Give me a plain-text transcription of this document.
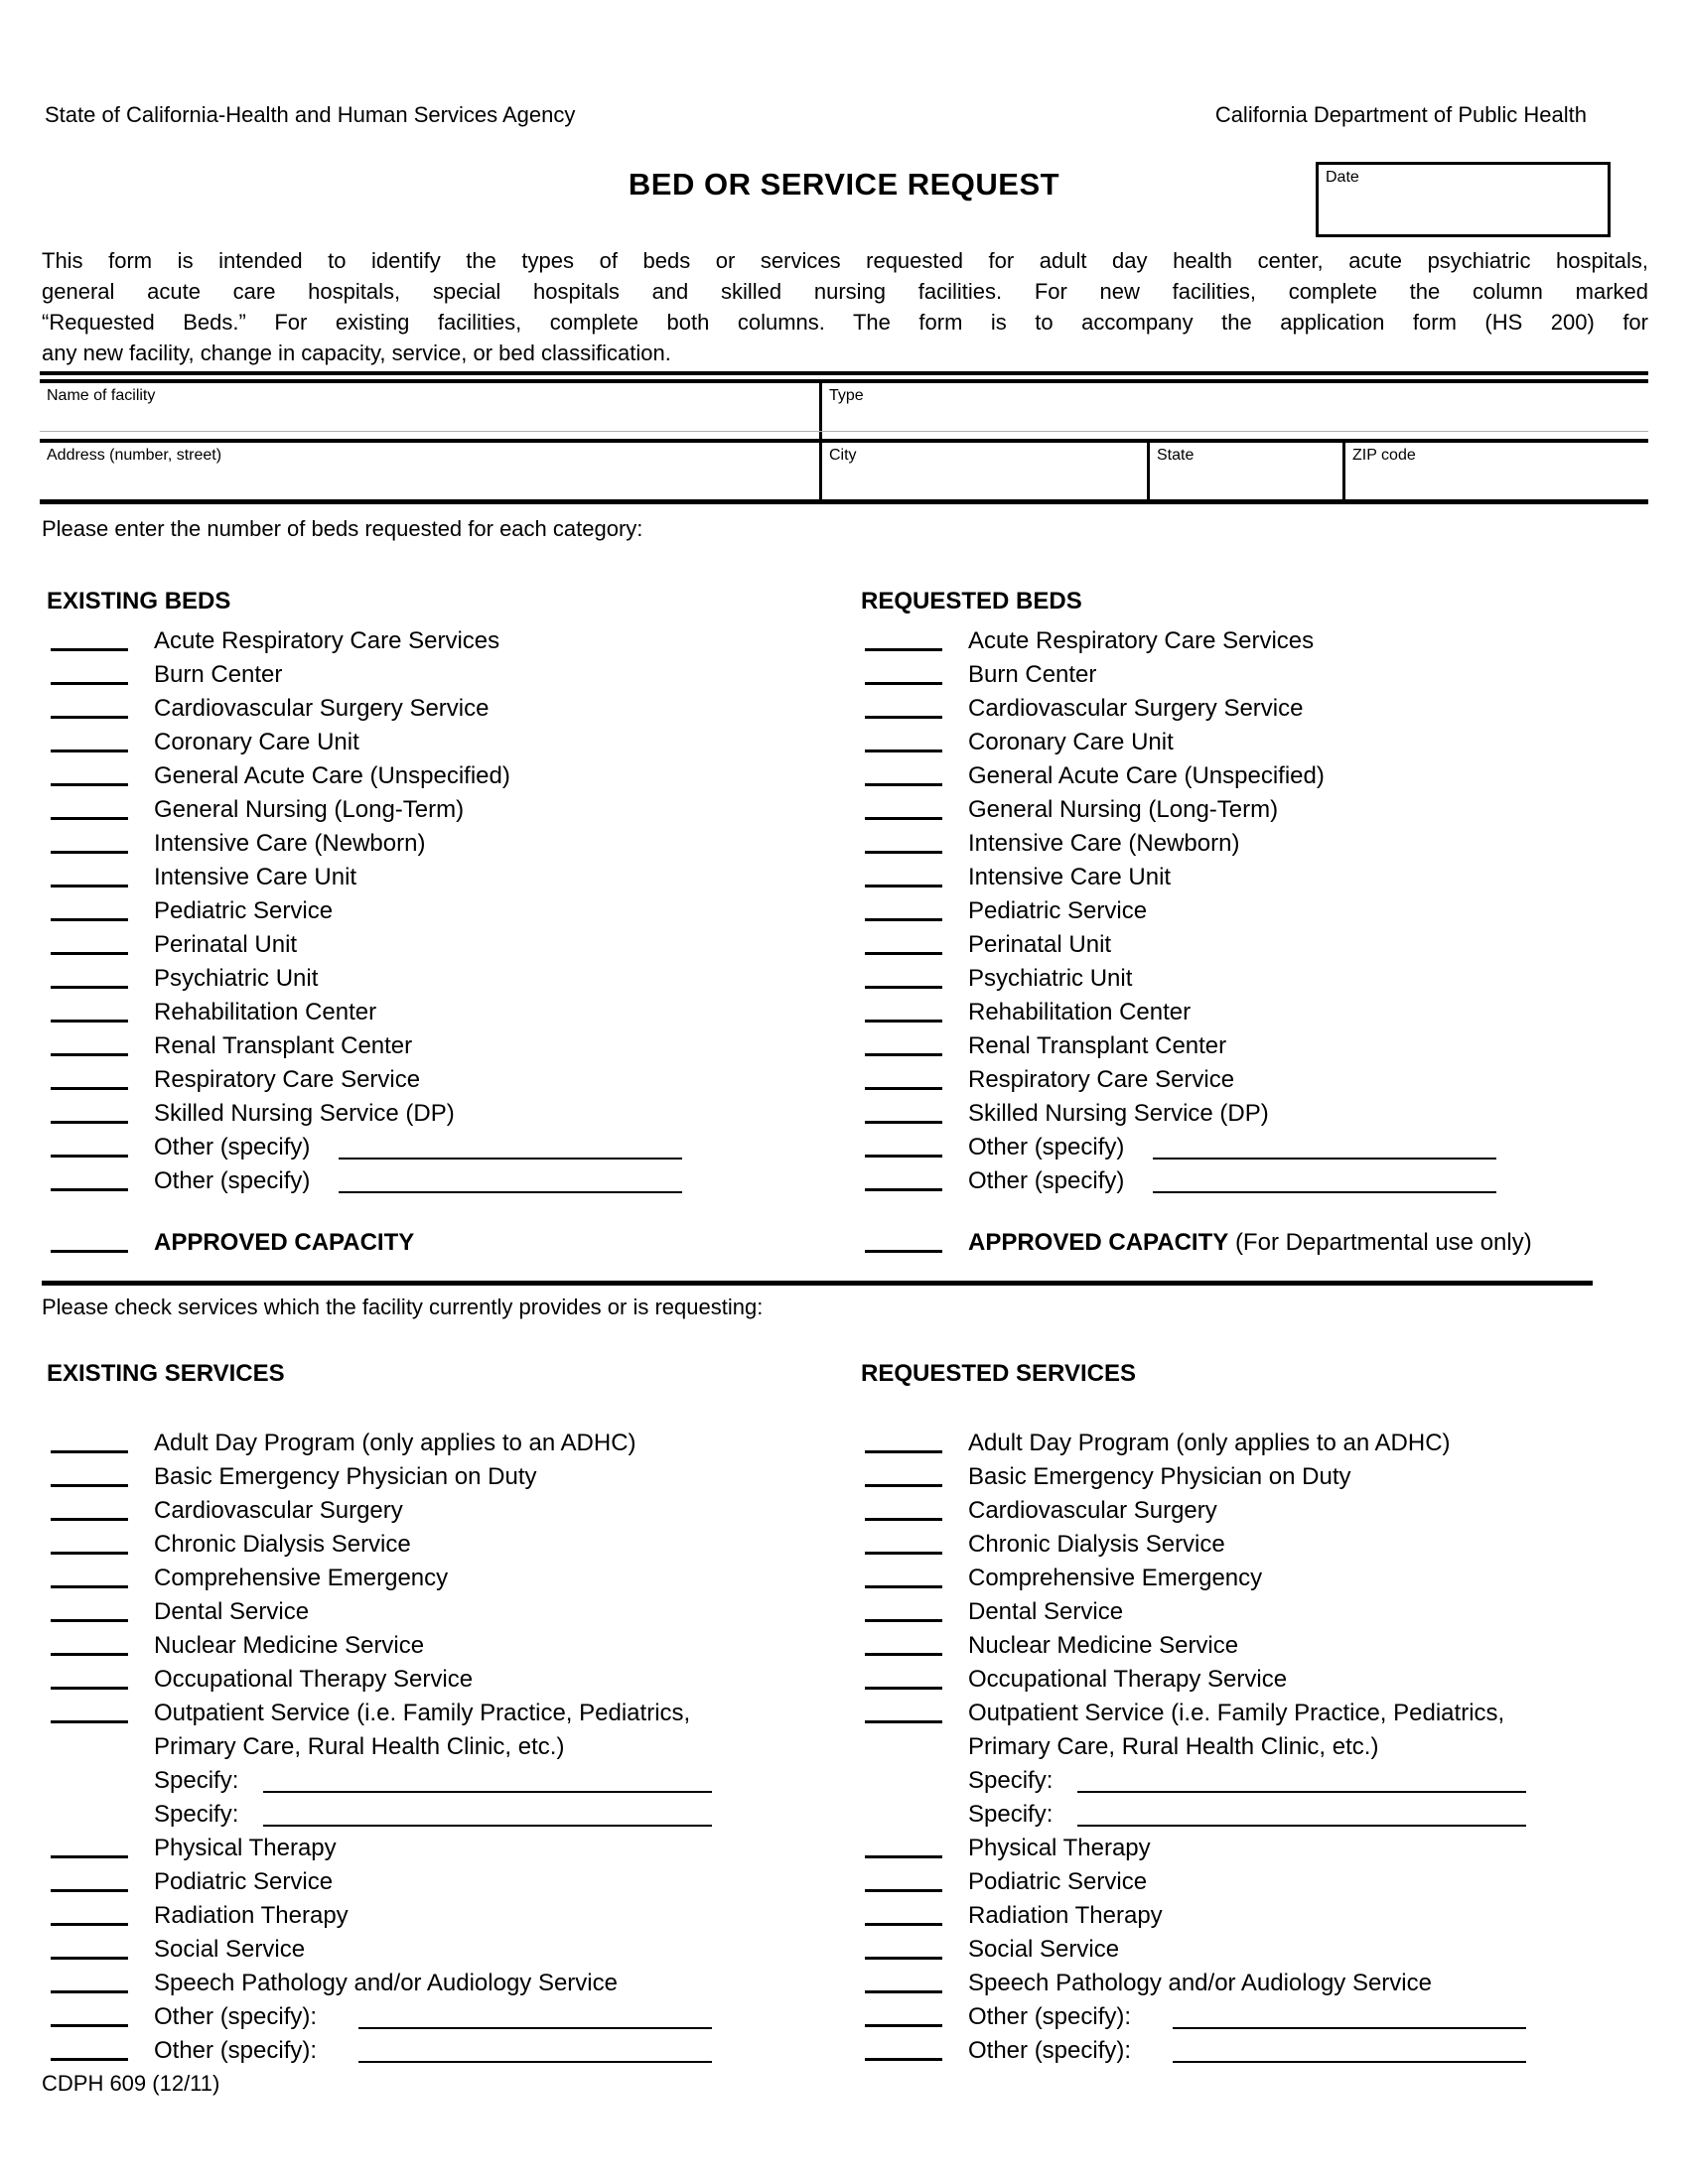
State of California-Health and Human Services Agency	California Department of Public Health
BED OR SERVICE REQUEST	Date
This form is intended to identify the types of beds or services requested for adult day health center, acute psychiatric hospitals,
general acute care hospitals, special hospitals and skilled nursing facilities. For new facilities, complete the column marked
“Requested Beds.” For existing facilities, complete both columns. The form is to accompany the application form (HS 200) for
any new facility, change in capacity, service, or bed classification.
Name of facility	Type
Address (number, street)	City	State	ZIP code
Please enter the number of beds requested for each category:
EXISTING BEDS
Acute Respiratory Care Services
Burn Center
Cardiovascular Surgery Service
Coronary Care Unit
General Acute Care (Unspecified)
General Nursing (Long-Term)
Intensive Care (Newborn)
Intensive Care Unit
Pediatric Service
Perinatal Unit
Psychiatric Unit
Rehabilitation Center
Renal Transplant Center
Respiratory Care Service
Skilled Nursing Service (DP)
Other (specify)
Other (specify)
APPROVED CAPACITY
REQUESTED BEDS
Acute Respiratory Care Services
Burn Center
Cardiovascular Surgery Service
Coronary Care Unit
General Acute Care (Unspecified)
General Nursing (Long-Term)
Intensive Care (Newborn)
Intensive Care Unit
Pediatric Service
Perinatal Unit
Psychiatric Unit
Rehabilitation Center
Renal Transplant Center
Respiratory Care Service
Skilled Nursing Service (DP)
Other (specify)
Other (specify)
APPROVED CAPACITY (For Departmental use only)
Please check services which the facility currently provides or is requesting:
EXISTING SERVICES
Adult Day Program (only applies to an ADHC)
Basic Emergency Physician on Duty
Cardiovascular Surgery
Chronic Dialysis Service
Comprehensive Emergency
Dental Service
Nuclear Medicine Service
Occupational Therapy Service
Outpatient Service (i.e. Family Practice, Pediatrics,
Primary Care, Rural Health Clinic, etc.)
Specify:
Specify:
Physical Therapy
Podiatric Service
Radiation Therapy
Social Service
Speech Pathology and/or Audiology Service
Other (specify):
Other (specify):
REQUESTED SERVICES
Adult Day Program (only applies to an ADHC)
Basic Emergency Physician on Duty
Cardiovascular Surgery
Chronic Dialysis Service
Comprehensive Emergency
Dental Service
Nuclear Medicine Service
Occupational Therapy Service
Outpatient Service (i.e. Family Practice, Pediatrics,
Primary Care, Rural Health Clinic, etc.)
Specify:
Specify:
Physical Therapy
Podiatric Service
Radiation Therapy
Social Service
Speech Pathology and/or Audiology Service
Other (specify):
Other (specify):
CDPH 609 (12/11)
